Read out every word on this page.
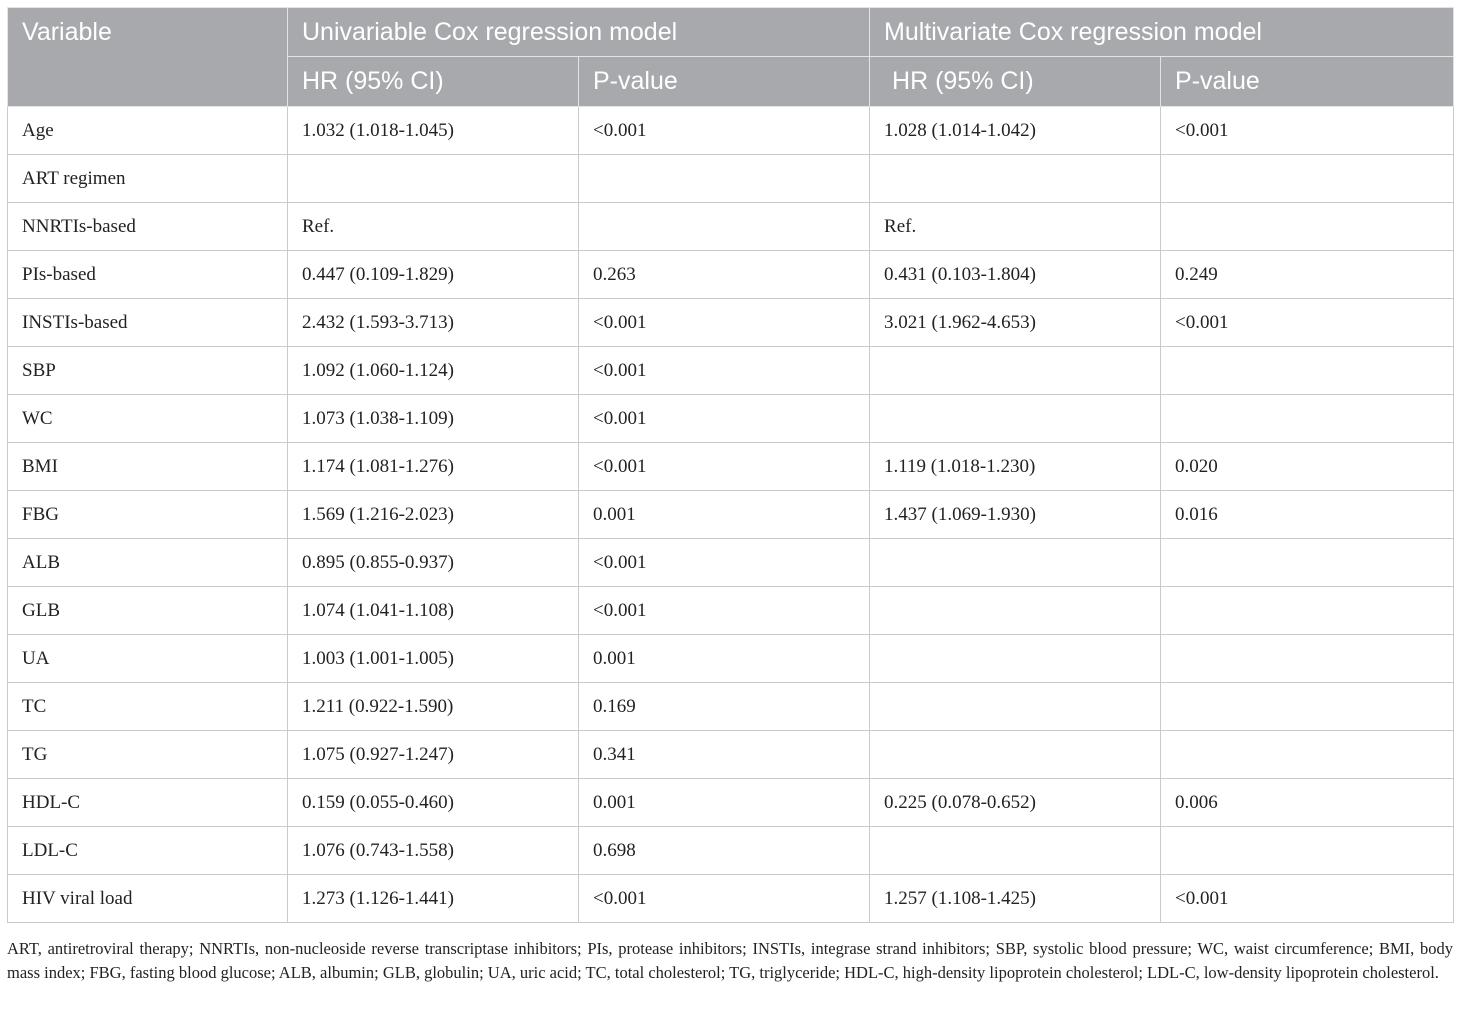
Variable	Univariable Cox regression model		Multivariate Cox regression model	
	HR (95% CI)	P-value	HR (95% CI)	P-value
Age	1.032 (1.018-1.045)	<0.001	1.028 (1.014-1.042)	<0.001
ART regimen				
NNRTIs-based	Ref.		Ref.	
PIs-based	0.447 (0.109-1.829)	0.263	0.431 (0.103-1.804)	0.249
INSTIs-based	2.432 (1.593-3.713)	<0.001	3.021 (1.962-4.653)	<0.001
SBP	1.092 (1.060-1.124)	<0.001		
WC	1.073 (1.038-1.109)	<0.001		
BMI	1.174 (1.081-1.276)	<0.001	1.119 (1.018-1.230)	0.020
FBG	1.569 (1.216-2.023)	0.001	1.437 (1.069-1.930)	0.016
ALB	0.895 (0.855-0.937)	<0.001		
GLB	1.074 (1.041-1.108)	<0.001		
UA	1.003 (1.001-1.005)	0.001		
TC	1.211 (0.922-1.590)	0.169		
TG	1.075 (0.927-1.247)	0.341		
HDL-C	0.159 (0.055-0.460)	0.001	0.225 (0.078-0.652)	0.006
LDL-C	1.076 (0.743-1.558)	0.698		
HIV viral load	1.273 (1.126-1.441)	<0.001	1.257 (1.108-1.425)	<0.001
ART, antiretroviral therapy; NNRTIs, non-nucleoside reverse transcriptase inhibitors; PIs, protease inhibitors; INSTIs, integrase strand inhibitors; SBP, systolic blood pressure; WC, waist circumference; BMI, body mass index; FBG, fasting blood glucose; ALB, albumin; GLB, globulin; UA, uric acid; TC, total cholesterol; TG, triglyceride; HDL-C, high-density lipoprotein cholesterol; LDL-C, low-density lipoprotein cholesterol.
